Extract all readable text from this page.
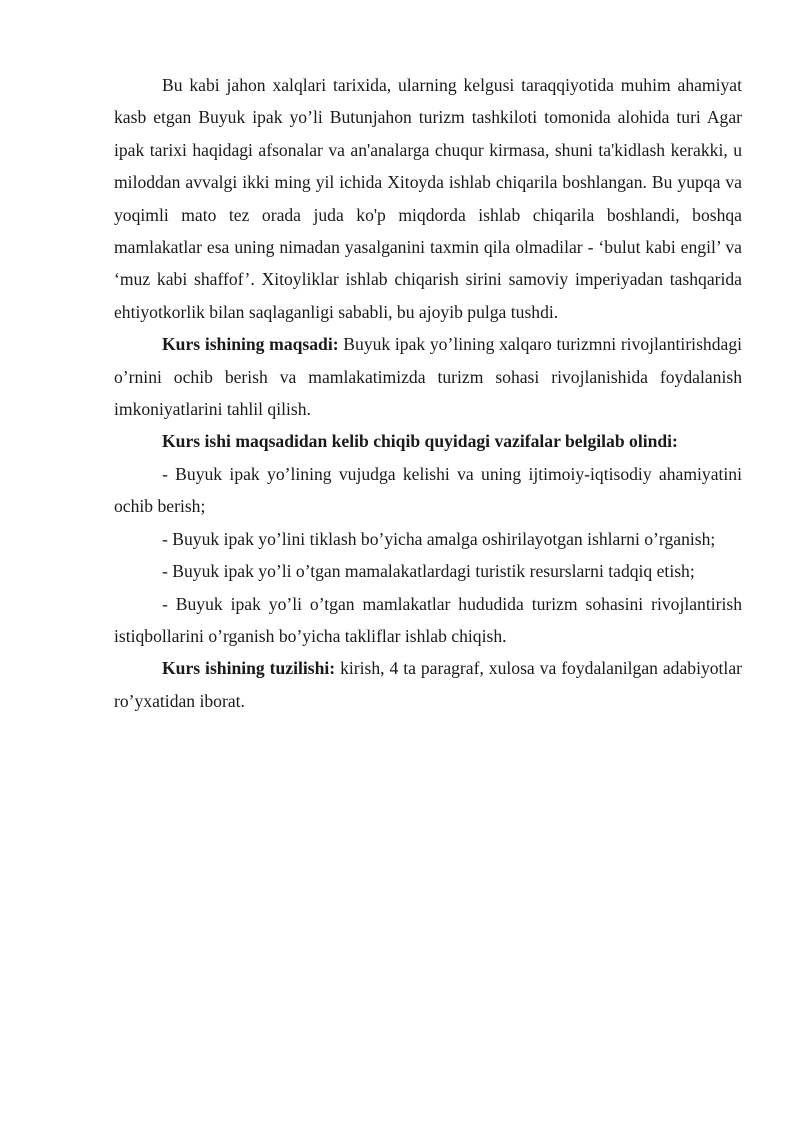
Bu kabi jahon xalqlari tarixida, ularning kelgusi taraqqiyotida muhim ahamiyat kasb etgan Buyuk ipak yo’li Butunjahon turizm tashkiloti tomonida alohida turi Agar ipak tarixi haqidagi afsonalar va an'analarga chuqur kirmasa, shuni ta'kidlash kerakki, u miloddan avvalgi ikki ming yil ichida Xitoyda ishlab chiqarila boshlangan. Bu yupqa va yoqimli mato tez orada juda ko'p miqdorda ishlab chiqarila boshlandi, boshqa mamlakatlar esa uning nimadan yasalganini taxmin qila olmadilar - ‘bulut kabi engil’ va ‘muz kabi shaffof’. Xitoyliklar ishlab chiqarish sirini samoviy imperiyadan tashqarida ehtiyotkorlik bilan saqlaganligi sababli, bu ajoyib pulga tushdi.

Kurs ishining maqsadi: Buyuk ipak yo’lining xalqaro turizmni rivojlantirishdagi o’rnini ochib berish va mamlakatimizda turizm sohasi rivojlanishida foydalanish imkoniyatlarini tahlil qilish.

Kurs ishi maqsadidan kelib chiqib quyidagi vazifalar belgilab olindi:

- Buyuk ipak yo’lining vujudga kelishi va uning ijtimoiy-iqtisodiy ahamiyatini ochib berish;

- Buyuk ipak yo’lini tiklash bo’yicha amalga oshirilayotgan ishlarni o’rganish;

- Buyuk ipak yo’li o’tgan mamalakatlardagi turistik resurslarni tadqiq etish;

- Buyuk ipak yo’li o’tgan mamlakatlar hududida turizm sohasini rivojlantirish istiqbollarini o’rganish bo’yicha takliflar ishlab chiqish.

Kurs ishining tuzilishi: kirish, 4 ta paragraf, xulosa va foydalanilgan adabiyotlar ro’yxatidan iborat.
